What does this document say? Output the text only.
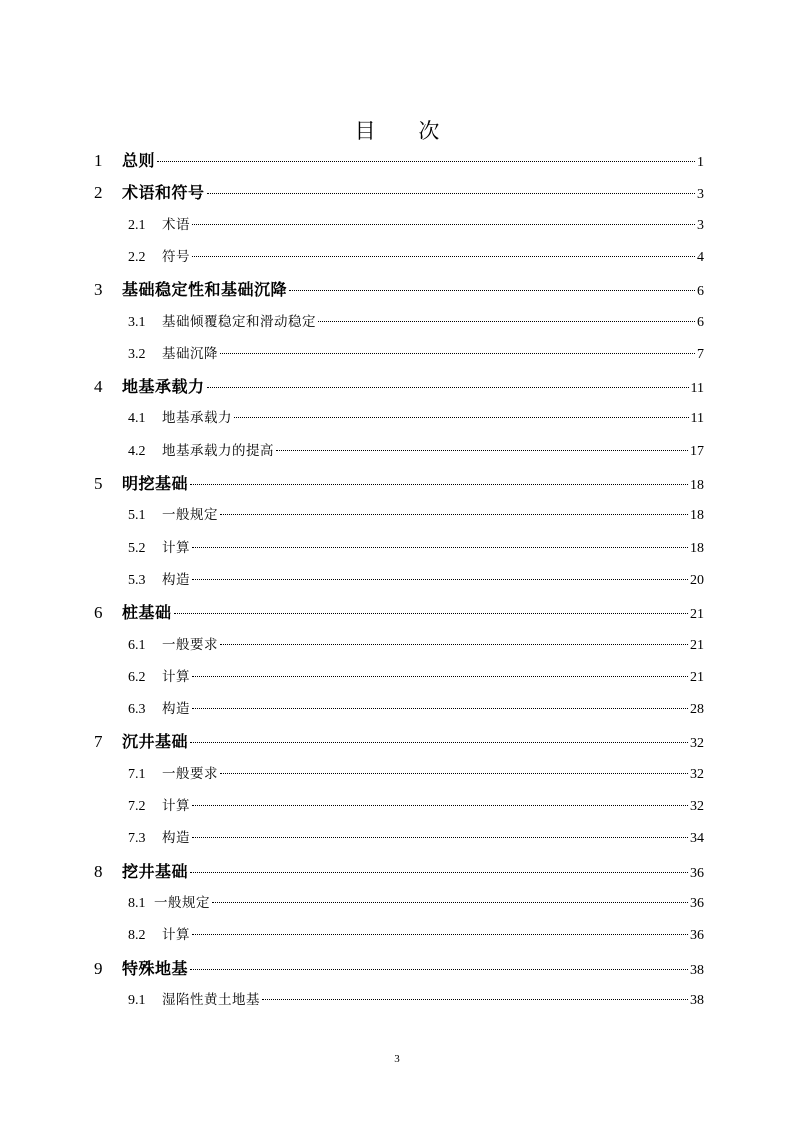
目 次
1	总则	1
2	术语和符号	3
2.1	术语	3
2.2	符号	4
3	基础稳定性和基础沉降	6
3.1	基础倾覆稳定和滑动稳定	6
3.2	基础沉降	7
4	地基承载力	11
4.1	地基承载力	11
4.2	地基承载力的提高	17
5	明挖基础	18
5.1	一般规定	18
5.2	计算	18
5.3	构造	20
6	桩基础	21
6.1	一般要求	21
6.2	计算	21
6.3	构造	28
7	沉井基础	32
7.1	一般要求	32
7.2	计算	32
7.3	构造	34
8	挖井基础	36
8.1 一般规定	36
8.2	计算	36
9	特殊地基	38
9.1	湿陷性黄土地基	38
3
